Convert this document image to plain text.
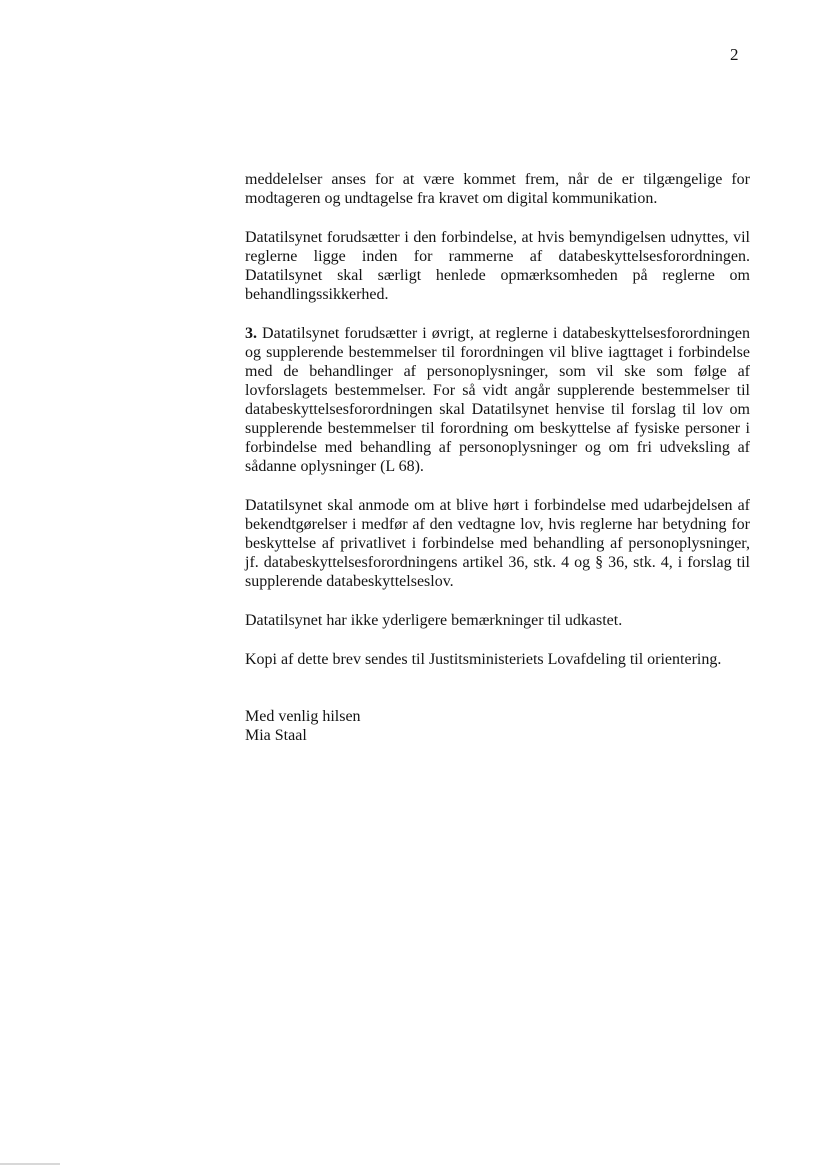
2

meddelelser anses for at være kommet frem, når de er tilgængelige for modtageren og undtagelse fra kravet om digital kommunikation.

Datatilsynet forudsætter i den forbindelse, at hvis bemyndigelsen udnyttes, vil reglerne ligge inden for rammerne af databeskyttelsesforordningen. Datatilsynet skal særligt henlede opmærksomheden på reglerne om behandlingssikkerhed.

3. Datatilsynet forudsætter i øvrigt, at reglerne i databeskyttelsesforordningen og supplerende bestemmelser til forordningen vil blive iagttaget i forbindelse med de behandlinger af personoplysninger, som vil ske som følge af lovforslagets bestemmelser. For så vidt angår supplerende bestemmelser til databeskyttelsesforordningen skal Datatilsynet henvise til forslag til lov om supplerende bestemmelser til forordning om beskyttelse af fysiske personer i forbindelse med behandling af personoplysninger og om fri udveksling af sådanne oplysninger (L 68).

Datatilsynet skal anmode om at blive hørt i forbindelse med udarbejdelsen af bekendtgørelser i medfør af den vedtagne lov, hvis reglerne har betydning for beskyttelse af privatlivet i forbindelse med behandling af personoplysninger, jf. databeskyttelsesforordningens artikel 36, stk. 4 og § 36, stk. 4, i forslag til supplerende databeskyttelseslov.

Datatilsynet har ikke yderligere bemærkninger til udkastet.

Kopi af dette brev sendes til Justitsministeriets Lovafdeling til orientering.

Med venlig hilsen
Mia Staal
